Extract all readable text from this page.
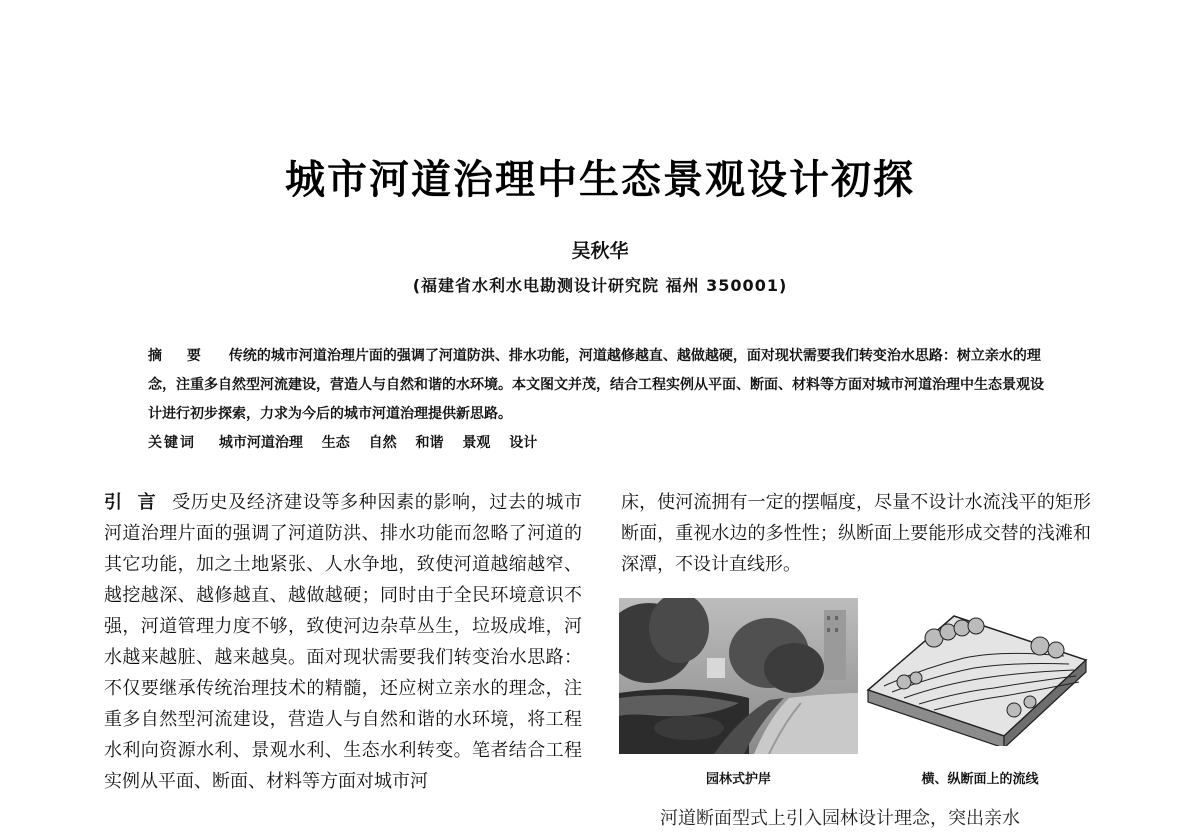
城市河道治理中生态景观设计初探
吴秋华
(福建省水利水电勘测设计研究院 福州 350001)
摘 要 传统的城市河道治理片面的强调了河道防洪、排水功能，河道越修越直、越做越硬，面对现状需要我们转变治水思路：树立亲水的理念，注重多自然型河流建设，营造人与自然和谐的水环境。本文图文并茂，结合工程实例从平面、断面、材料等方面对城市河道治理中生态景观设计进行初步探索，力求为今后的城市河道治理提供新思路。
关键词 城市河道治理 生态 自然 和谐 景观 设计

引 言 受历史及经济建设等多种因素的影响，过去的城市河道治理片面的强调了河道防洪、排水功能而忽略了河道的其它功能，加之土地紧张、人水争地，致使河道越缩越窄、越挖越深、越修越直、越做越硬；同时由于全民环境意识不强，河道管理力度不够，致使河边杂草丛生，垃圾成堆，河水越来越脏、越来越臭。面对现状需要我们转变治水思路：不仅要继承传统治理技术的精髓，还应树立亲水的理念，注重多自然型河流建设，营造人与自然和谐的水环境，将工程水利向资源水利、景观水利、生态水利转变。笔者结合工程实例从平面、断面、材料等方面对城市河

床，使河流拥有一定的摆幅度，尽量不设计水流浅平的矩形断面，重视水边的多性性；纵断面上要能形成交替的浅滩和深潭，不设计直线形。

园林式护岸	横、纵断面上的流线
河道断面型式上引入园林设计理念，突出亲水
